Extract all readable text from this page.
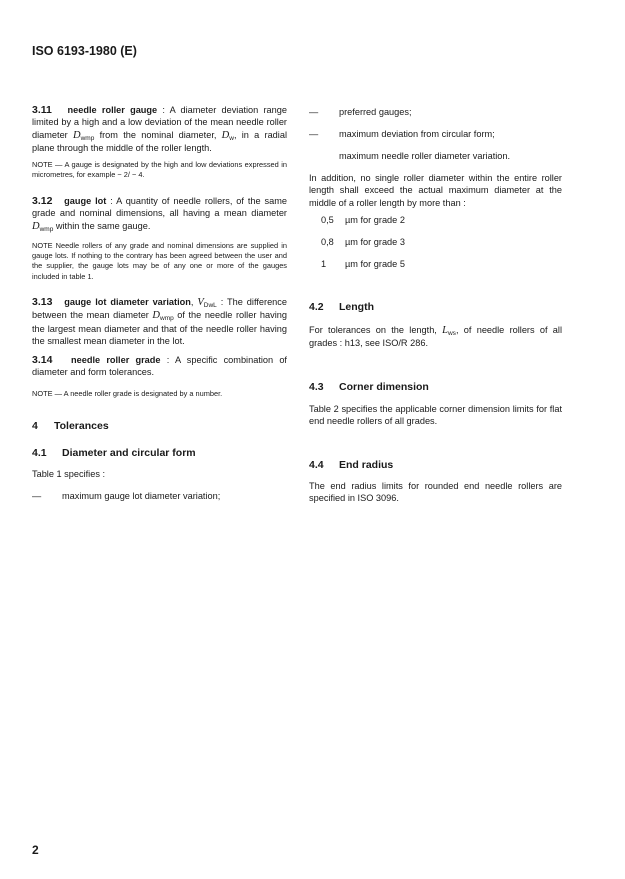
ISO 6193-1980 (E)

3.11 needle roller gauge : A diameter deviation range limited by a high and a low deviation of the mean needle roller diameter $D_{wmp}$ from the nominal diameter, $D_w$, in a radial plane through the middle of the roller length.

NOTE — A gauge is designated by the high and low deviations expressed in micrometres, for example − 2/ − 4.

3.12 gauge lot : A quantity of needle rollers, of the same grade and nominal dimensions, all having a mean diameter $D_{wmp}$ within the same gauge.

NOTE Needle rollers of any grade and nominal dimensions are supplied in gauge lots. If nothing to the contrary has been agreed between the user and the supplier, the gauge lots may be of any one or more of the gauges included in table 1.

3.13 gauge lot diameter variation, $V_{DwL}$ : The difference between the mean diameter $D_{wmp}$ of the needle roller having the largest mean diameter and that of the needle roller having the smallest mean diameter in the lot.

3.14 needle roller grade : A specific combination of diameter and form tolerances.

NOTE — A needle roller grade is designated by a number.

4 Tolerances
4.1 Diameter and circular form

Table 1 specifies :

—	maximum gauge lot diameter variation;
—	preferred gauges;
—	maximum deviation from circular form;

maximum needle roller diameter variation.

In addition, no single roller diameter within the entire roller length shall exceed the actual maximum diameter at the middle of a roller length by more than :

0,5 µm for grade 2
0,8 µm for grade 3
1 µm for grade 5
4.2 Length

For tolerances on the length, $L_{ws}$, of needle rollers of all grades : h13, see ISO/R 286.

4.3 Corner dimension

Table 2 specifies the applicable corner dimension limits for flat end needle rollers of all grades.

4.4 End radius

The end radius limits for rounded end needle rollers are specified in ISO 3096.

2
